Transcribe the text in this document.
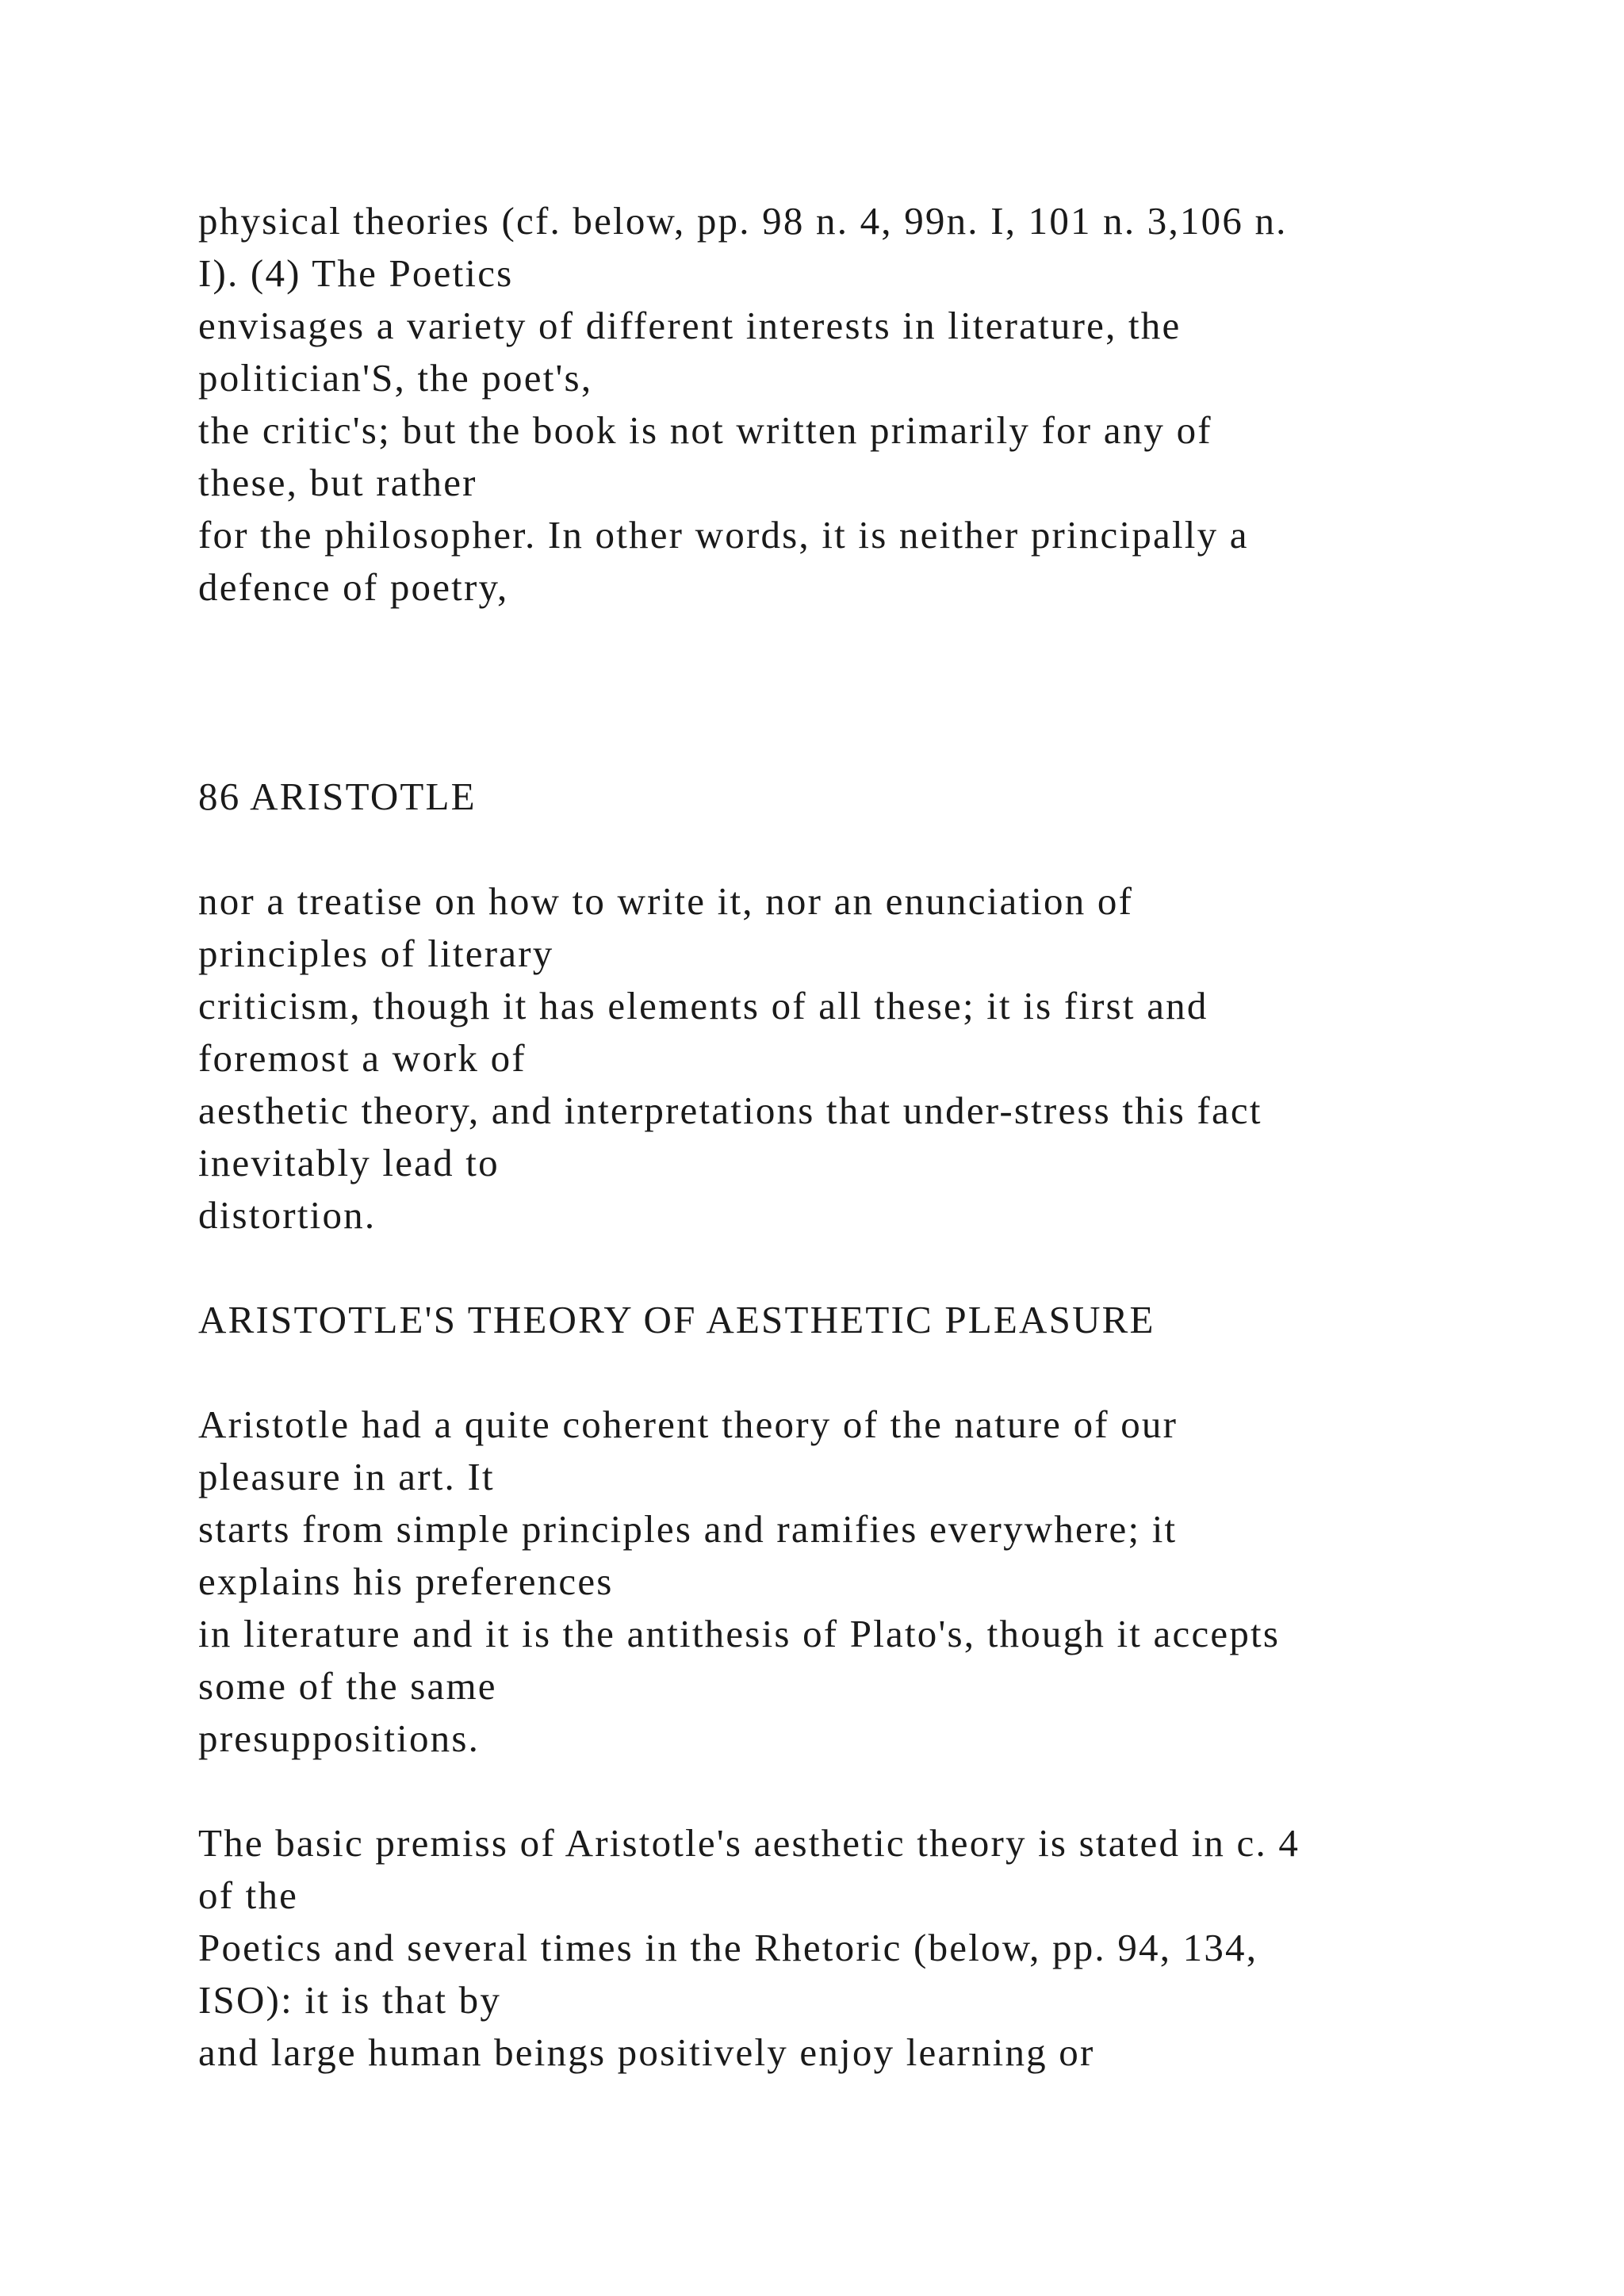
physical theories (cf. below, pp. 98 n. 4, 99n. I, 101 n. 3,106 n.
I). (4) The Poetics
envisages a variety of different interests in literature, the
politician'S, the poet's,
the critic's; but the book is not written primarily for any of
these, but rather
for the philosopher. In other words, it is neither principally a
defence of poetry,
86 ARISTOTLE
nor a treatise on how to write it, nor an enunciation of
principles of literary
criticism, though it has elements of all these; it is first and
foremost a work of
aesthetic theory, and interpretations that under-stress this fact
inevitably lead to
distortion.
ARISTOTLE'S THEORY OF AESTHETIC PLEASURE
Aristotle had a quite coherent theory of the nature of our
pleasure in art. It
starts from simple principles and ramifies everywhere; it
explains his preferences
in literature and it is the antithesis of Plato's, though it accepts
some of the same
presuppositions.
The basic premiss of Aristotle's aesthetic theory is stated in c. 4
of the
Poetics and several times in the Rhetoric (below, pp. 94, 134,
ISO): it is that by
and large human beings positively enjoy learning or
